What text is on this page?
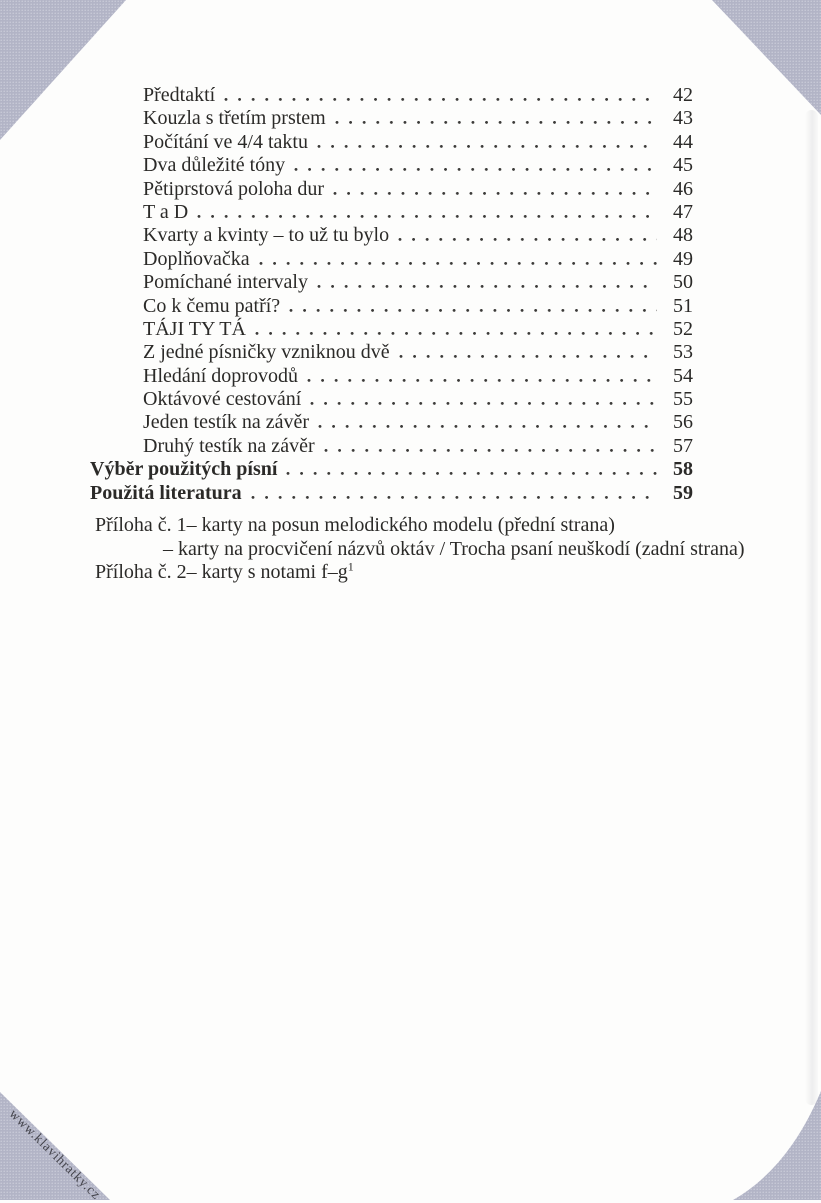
www.klavihratky.cz
Předtaktí	42
Kouzla s třetím prstem	43
Počítání ve 4/4 taktu	44
Dva důležité tóny	45
Pětiprstová poloha dur	46
T a D	47
Kvarty a kvinty – to už tu bylo	48
Doplňovačka	49
Pomíchané intervaly	50
Co k čemu patří?	51
TÁJI TY TÁ	52
Z jedné písničky vzniknou dvě	53
Hledání doprovodů	54
Oktávové cestování	55
Jeden testík na závěr	56
Druhý testík na závěr	57
Výběr použitých písní	58
Použitá literatura	59
Příloha č. 1 – karty na posun melodického modelu (přední strana)
– karty na procvičení názvů oktáv / Trocha psaní neuškodí (zadní strana)
Příloha č. 2 – karty s notami $f-g^1$
